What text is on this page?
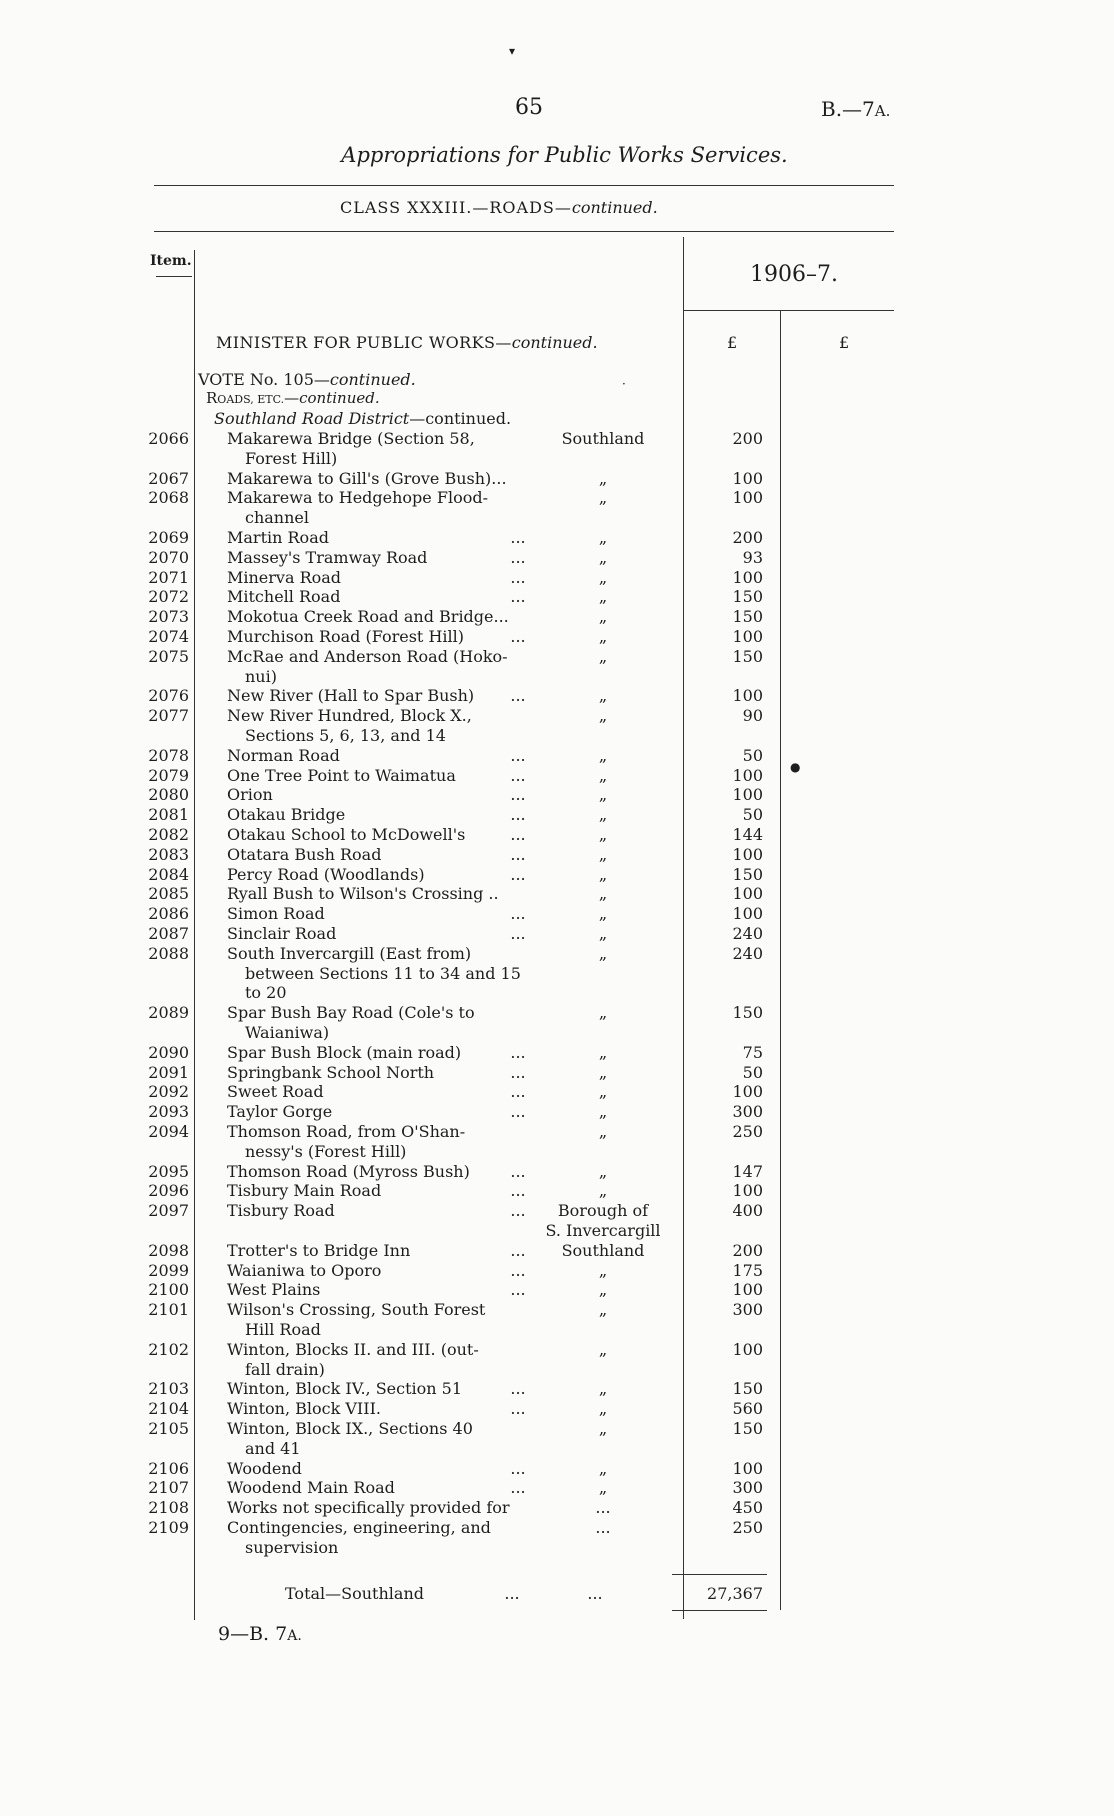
▾
65	B.—7A.
Appropriations for Public Works Services.
CLASS XXXIII.—ROADS—continued.
Item.
1906–7.
MINISTER FOR PUBLIC WORKS—continued.	£	£
·
●
VOTE No. 105—continued.
ROADS, ETC.—continued.
Southland Road District—continued.
2066 Makarewa Bridge (Section 58,
Forest Hill)
Southland	200
2067 Makarewa to Gill's (Grove Bush)...	„	100
2068 Makarewa to Hedgehope Flood-
channel
„	100
2069 Martin Road	...	„	200
2070 Massey's Tramway Road	...	„	93
2071 Minerva Road	...	„	100
2072 Mitchell Road	...	„	150
2073 Mokotua Creek Road and Bridge...	„	150
2074 Murchison Road (Forest Hill)	...	„	100
2075 McRae and Anderson Road (Hoko-
nui)
„	150
2076 New River (Hall to Spar Bush)	...	„	100
2077 New River Hundred, Block X.,
Sections 5, 6, 13, and 14
„	90
2078 Norman Road	...	„	50
2079 One Tree Point to Waimatua	...	„	100
2080 Orion	...	„	100
2081 Otakau Bridge	...	„	50
2082 Otakau School to McDowell's	...	„	144
2083 Otatara Bush Road	...	„	100
2084 Percy Road (Woodlands)	...	„	150
2085 Ryall Bush to Wilson's Crossing ..	„	100
2086 Simon Road	...	„	100
2087 Sinclair Road	...	„	240
2088 South Invercargill (East from)
between Sections 11 to 34 and 15 to 20
„	240
2089 Spar Bush Bay Road (Cole's to
Waianiwa)
„	150
2090 Spar Bush Block (main road)	...	„	75
2091 Springbank School North	...	„	50
2092 Sweet Road	...	„	100
2093 Taylor Gorge	...	„	300
2094 Thomson Road, from O'Shan-
nessy's (Forest Hill)
„	250
2095 Thomson Road (Myross Bush)	...	„	147
2096 Tisbury Main Road	...	„	100
2097 Tisbury Road	...	Borough of
S. Invercargill
400
2098 Trotter's to Bridge Inn	...	Southland	200
2099 Waianiwa to Oporo	...	„	175
2100 West Plains	...	„	100
2101 Wilson's Crossing, South Forest
Hill Road
„	300
2102 Winton, Blocks II. and III. (out-
fall drain)
„	100
2103 Winton, Block IV., Section 51	...	„	150
2104 Winton, Block VIII.	...	„	560
2105 Winton, Block IX., Sections 40
and 41
„	150
2106 Woodend	...	„	100
2107 Woodend Main Road	...	„	300
2108 Works not specifically provided for	...	450
2109 Contingencies, engineering, and
supervision
...	250
Total—Southland	...	...	27,367
9—B. 7A.
